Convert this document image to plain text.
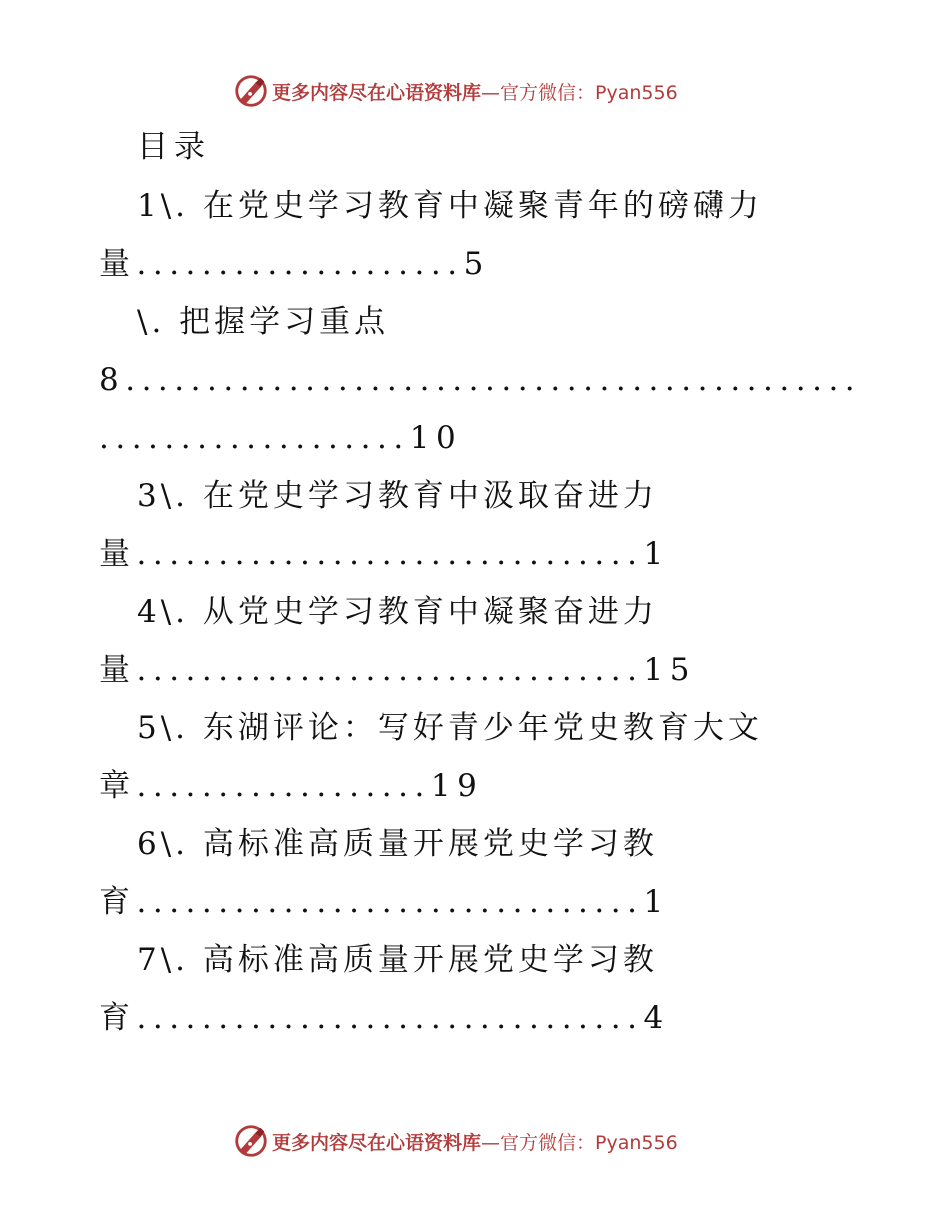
更多内容尽在心语资料库 —官方微信：Pyan556
目录
1\. 在党史学习教育中凝聚青年的磅礴力
量....................5
\. 把握学习重点
8.............................................
...................10
3\. 在党史学习教育中汲取奋进力
量...............................1
4\. 从党史学习教育中凝聚奋进力
量...............................15
5\. 东湖评论：写好青少年党史教育大文
章..................19
6\. 高标准高质量开展党史学习教
育...............................1
7\. 高标准高质量开展党史学习教
育...............................4
更多内容尽在心语资料库 —官方微信：Pyan556
